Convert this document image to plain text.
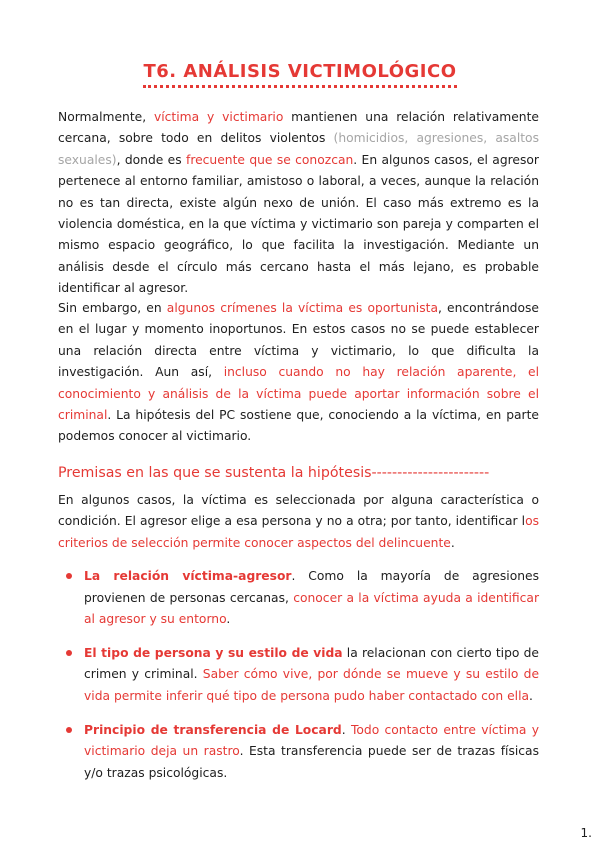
T6. ANÁLISIS VICTIMOLÓGICO

Normalmente, víctima y victimario mantienen una relación relativamente cercana, sobre todo en delitos violentos (homicidios, agresiones, asaltos sexuales), donde es frecuente que se conozcan. En algunos casos, el agresor pertenece al entorno familiar, amistoso o laboral, a veces, aunque la relación no es tan directa, existe algún nexo de unión. El caso más extremo es la violencia doméstica, en la que víctima y victimario son pareja y comparten el mismo espacio geográfico, lo que facilita la investigación. Mediante un análisis desde el círculo más cercano hasta el más lejano, es probable identificar al agresor.

Sin embargo, en algunos crímenes la víctima es oportunista, encontrándose en el lugar y momento inoportunos. En estos casos no se puede establecer una relación directa entre víctima y victimario, lo que dificulta la investigación. Aun así, incluso cuando no hay relación aparente, el conocimiento y análisis de la víctima puede aportar información sobre el criminal. La hipótesis del PC sostiene que, conociendo a la víctima, en parte podemos conocer al victimario.

Premisas en las que se sustenta la hipótesis-----------------------

En algunos casos, la víctima es seleccionada por alguna característica o condición. El agresor elige a esa persona y no a otra; por tanto, identificar los criterios de selección permite conocer aspectos del delincuente.

La relación víctima-agresor. Como la mayoría de agresiones provienen de personas cercanas, conocer a la víctima ayuda a identificar al agresor y su entorno.
El tipo de persona y su estilo de vida la relacionan con cierto tipo de crimen y criminal. Saber cómo vive, por dónde se mueve y su estilo de vida permite inferir qué tipo de persona pudo haber contactado con ella.
Principio de transferencia de Locard. Todo contacto entre víctima y victimario deja un rastro. Esta transferencia puede ser de trazas físicas y/o trazas psicológicas.

1.
